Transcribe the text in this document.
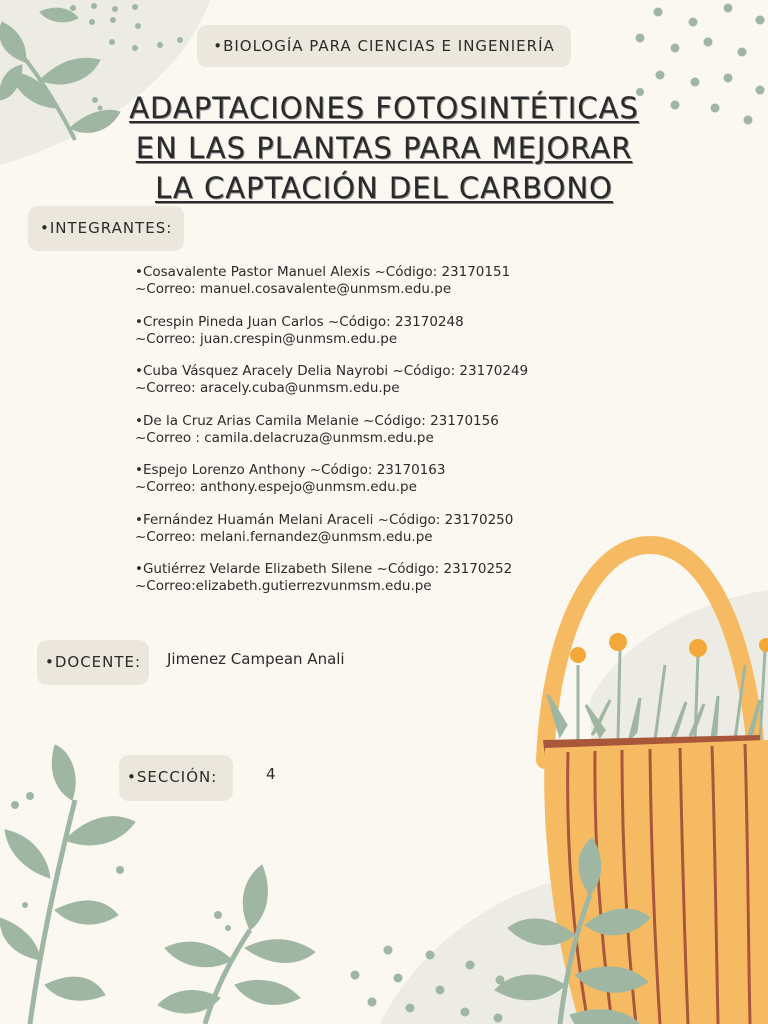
•BIOLOGÍA PARA CIENCIAS E INGENIERÍA
ADAPTACIONES FOTOSINTÉTICAS
EN LAS PLANTAS PARA MEJORAR
LA CAPTACIÓN DEL CARBONO
•INTEGRANTES:
•Cosavalente Pastor Manuel Alexis ~Código: 23170151
~Correo: manuel.cosavalente@unmsm.edu.pe
•Crespin Pineda Juan Carlos ~Código: 23170248
~Correo: juan.crespin@unmsm.edu.pe
•Cuba Vásquez Aracely Delia Nayrobi ~Código: 23170249
~Correo: aracely.cuba@unmsm.edu.pe
•De la Cruz Arias Camila Melanie ~Código: 23170156
~Correo : camila.delacruza@unmsm.edu.pe
•Espejo Lorenzo Anthony ~Código: 23170163
~Correo: anthony.espejo@unmsm.edu.pe
•Fernández Huamán Melani Araceli ~Código: 23170250
~Correo: melani.fernandez@unmsm.edu.pe
•Gutiérrez Velarde Elizabeth Silene ~Código: 23170252
~Correo:elizabeth.gutierrezvunmsm.edu.pe
•DOCENTE:	Jimenez Campean Anali
•SECCIÓN:	4
